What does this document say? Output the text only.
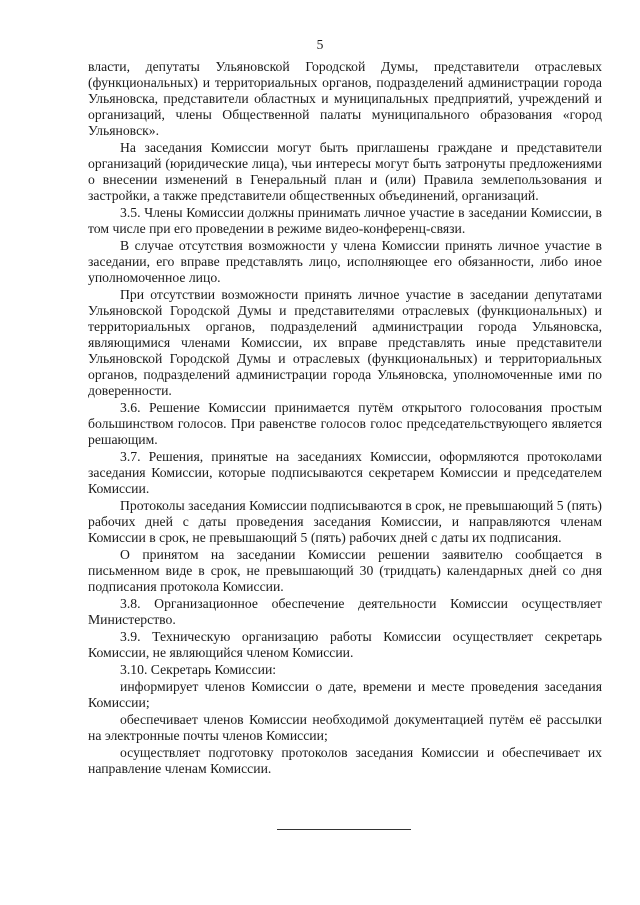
5

власти, депутаты Ульяновской Городской Думы, представители отраслевых (функциональных) и территориальных органов, подразделений администрации города Ульяновска, представители областных и муниципальных предприятий, учреждений и организаций, члены Общественной палаты муниципального образования «город Ульяновск».

На заседания Комиссии могут быть приглашены граждане и представители организаций (юридические лица), чьи интересы могут быть затронуты предложениями о внесении изменений в Генеральный план и (или) Правила землепользования и застройки, а также представители общественных объединений, организаций.

3.5. Члены Комиссии должны принимать личное участие в заседании Комиссии, в том числе при его проведении в режиме видео-конференц-связи.

В случае отсутствия возможности у члена Комиссии принять личное участие в заседании, его вправе представлять лицо, исполняющее его обязанности, либо иное уполномоченное лицо.

При отсутствии возможности принять личное участие в заседании депутатами Ульяновской Городской Думы и представителями отраслевых (функциональных) и территориальных органов, подразделений администрации города Ульяновска, являющимися членами Комиссии, их вправе представлять иные представители Ульяновской Городской Думы и отраслевых (функциональных) и территориальных органов, подразделений администрации города Ульяновска, уполномоченные ими по доверенности.

3.6. Решение Комиссии принимается путём открытого голосования простым большинством голосов. При равенстве голосов голос председательствующего является решающим.

3.7. Решения, принятые на заседаниях Комиссии, оформляются протоколами заседания Комиссии, которые подписываются секретарем Комиссии и председателем Комиссии.

Протоколы заседания Комиссии подписываются в срок, не превышающий 5 (пять) рабочих дней с даты проведения заседания Комиссии, и направляются членам Комиссии в срок, не превышающий 5 (пять) рабочих дней с даты их подписания.

О принятом на заседании Комиссии решении заявителю сообщается в письменном виде в срок, не превышающий 30 (тридцать) календарных дней со дня подписания протокола Комиссии.

3.8. Организационное обеспечение деятельности Комиссии осуществляет Министерство.

3.9. Техническую организацию работы Комиссии осуществляет секретарь Комиссии, не являющийся членом Комиссии.

3.10. Секретарь Комиссии:

информирует членов Комиссии о дате, времени и месте проведения заседания Комиссии;

обеспечивает членов Комиссии необходимой документацией путём её рассылки на электронные почты членов Комиссии;

осуществляет подготовку протоколов заседания Комиссии и обеспечивает их направление членам Комиссии.
